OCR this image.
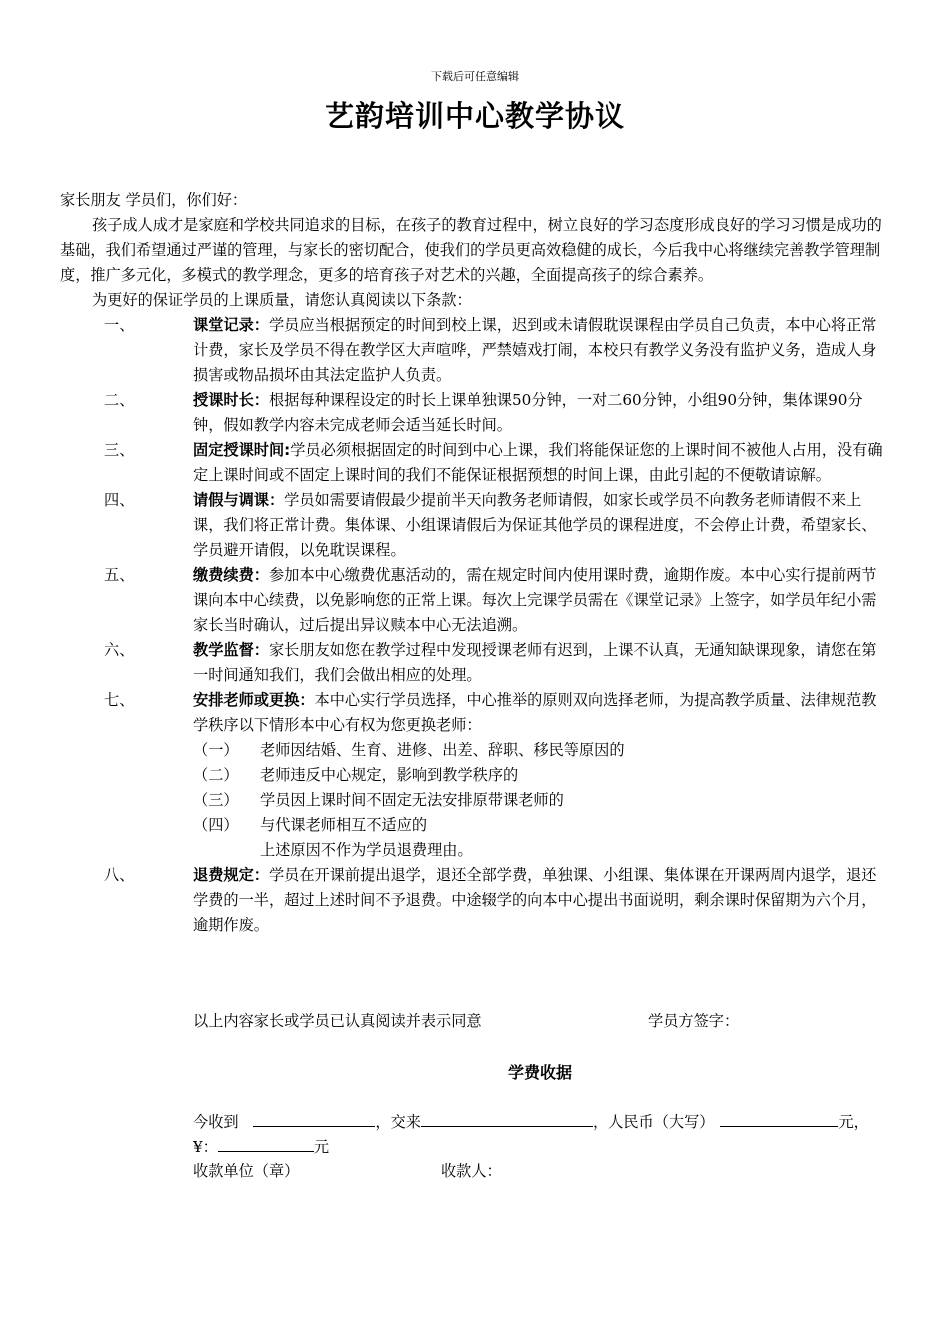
下载后可任意编辑
艺韵培训中心教学协议

家长朋友 学员们，你们好：

孩子成人成才是家庭和学校共同追求的目标，在孩子的教育过程中，树立良好的学习态度形成良好的学习习惯是成功的基础，我们希望通过严谨的管理，与家长的密切配合，使我们的学员更高效稳健的成长，今后我中心将继续完善教学管理制度，推广多元化，多模式的教学理念，更多的培育孩子对艺术的兴趣，全面提高孩子的综合素养。

为更好的保证学员的上课质量，请您认真阅读以下条款：

一、	课堂记录：学员应当根据预定的时间到校上课，迟到或未请假耽误课程由学员自己负责，本中心将正常计费，家长及学员不得在教学区大声喧哗，严禁嬉戏打闹，本校只有教学义务没有监护义务，造成人身损害或物品损坏由其法定监护人负责。
二、	授课时长：根据每种课程设定的时长上课单独课50分钟，一对二60分钟，小组90分钟，集体课90分钟，假如教学内容未完成老师会适当延长时间。
三、	固定授课时间:学员必须根据固定的时间到中心上课，我们将能保证您的上课时间不被他人占用，没有确定上课时间或不固定上课时间的我们不能保证根据预想的时间上课，由此引起的不便敬请谅解。
四、	请假与调课：学员如需要请假最少提前半天向教务老师请假，如家长或学员不向教务老师请假不来上课，我们将正常计费。集体课、小组课请假后为保证其他学员的课程进度，不会停止计费，希望家长、学员避开请假，以免耽误课程。
五、	缴费续费：参加本中心缴费优惠活动的，需在规定时间内使用课时费，逾期作废。本中心实行提前两节课向本中心续费，以免影响您的正常上课。每次上完课学员需在《课堂记录》上签字，如学员年纪小需家长当时确认，过后提出异议赎本中心无法追溯。
六、	教学监督：家长朋友如您在教学过程中发现授课老师有迟到，上课不认真，无通知缺课现象，请您在第一时间通知我们，我们会做出相应的处理。
七、	安排老师或更换：本中心实行学员选择，中心推举的原则双向选择老师，为提高教学质量、法律规范教学秩序以下情形本中心有权为您更换老师：
（一）	老师因结婚、生育、进修、出差、辞职、移民等原因的
（二）	老师违反中心规定，影响到教学秩序的
（三）	学员因上课时间不固定无法安排原带课老师的
（四）	与代课老师相互不适应的
上述原因不作为学员退费理由。
八、	退费规定：学员在开课前提出退学，退还全部学费，单独课、小组课、集体课在开课两周内退学，退还学费的一半，超过上述时间不予退费。中途辍学的向本中心提出书面说明，剩余课时保留期为六个月，逾期作废。
以上内容家长或学员已认真阅读并表示同意	学员方签字：
学费收据
今收到	，交来	，人民币（大写）	元，
¥：	元
收款单位（章）	收款人：
